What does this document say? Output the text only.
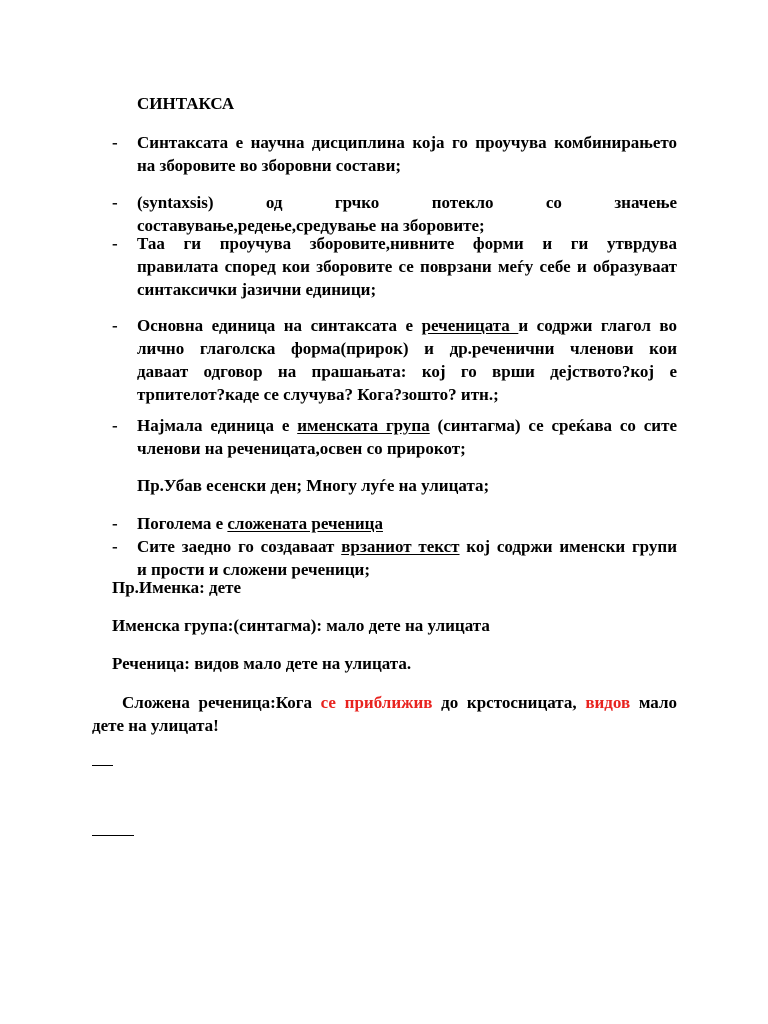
СИНТАКСА
- Синтаксата е научна дисциплина која го проучува комбинирањето
на зборовите во зборовни состави;
- (syntaxsis) од грчко потекло со значење
составување,редење,средување на зборовите;
- Таа ги проучува зборовите,нивните форми и ги утврдува
правилата според кои зборовите се поврзани меѓу себе и образуваат
синтаксички јазични единици;
- Основна единица на синтаксата е реченицата и содржи глагол во
лично глаголска форма(прирок) и др.реченични членови кои
даваат одговор на прашањата: кој го врши дејството?кој е
трпителот?каде се случува? Кога?зошто? итн.;
- Најмала единица е именската група (синтагма) се среќава со сите
членови на реченицата,освен со прирокот;
Пр.Убав есенски ден; Многу луѓе на улицата;
- Поголема е сложената реченица
- Сите заедно го создаваат врзаниот текст кој содржи именски групи
и прости и сложени реченици;
Пр.Именка: дете
Именска група:(синтагма): мало дете на улицата
Реченица: видов мало дете на улицата.
Сложена реченица:Кога се приближив до крстосницата, видов мало
дете на улицата!
